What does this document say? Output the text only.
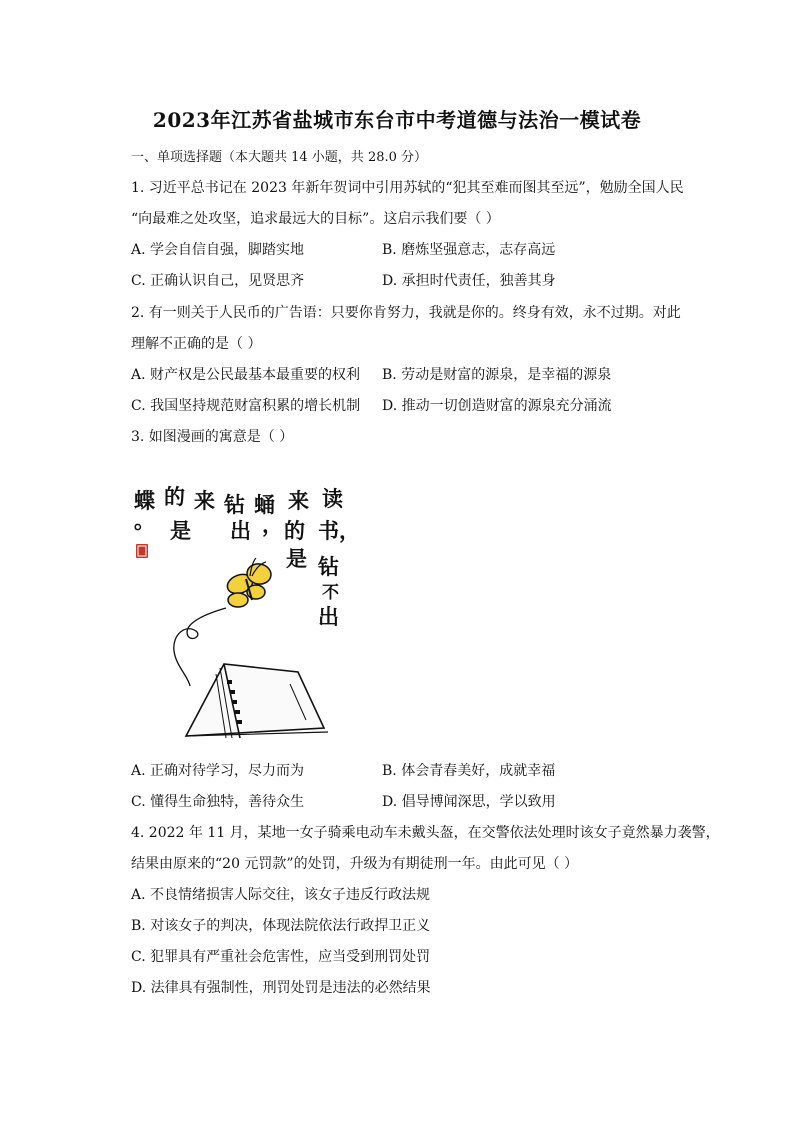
2023年江苏省盐城市东台市中考道德与法治一模试卷
一、单项选择题（本大题共 14 小题，共 28.0 分）
1. 习近平总书记在 2023 年新年贺词中引用苏轼的“犯其至难而图其至远”，勉励全国人民
“向最难之处攻坚，追求最远大的目标”。这启示我们要（ ）
A. 学会自信自强，脚踏实地	B. 磨炼坚强意志，志存高远
C. 正确认识自己，见贤思齐	D. 承担时代责任，独善其身
2. 有一则关于人民币的广告语：只要你肯努力，我就是你的。终身有效，永不过期。对此
理解不正确的是（ ）
A. 财产权是公民最基本最重要的权利 B. 劳动是财富的源泉，是幸福的源泉
C. 我国坚持规范财富积累的增长机制 D. 推动一切创造财富的源泉充分涌流
3. 如图漫画的寓意是（ ）
读
书，
钻
不
出
来
的
是
蛹
，
钻
出
来
的
是
蝶
。
A. 正确对待学习，尽力而为	B. 体会青春美好，成就幸福
C. 懂得生命独特，善待众生	D. 倡导博闻深思，学以致用
4. 2022 年 11 月，某地一女子骑乘电动车未戴头盔，在交警依法处理时该女子竟然暴力袭警，
结果由原来的“20 元罚款”的处罚，升级为有期徒刑一年。由此可见（ ）
A. 不良情绪损害人际交往，该女子违反行政法规
B. 对该女子的判决，体现法院依法行政捍卫正义
C. 犯罪具有严重社会危害性，应当受到刑罚处罚
D. 法律具有强制性，刑罚处罚是违法的必然结果
